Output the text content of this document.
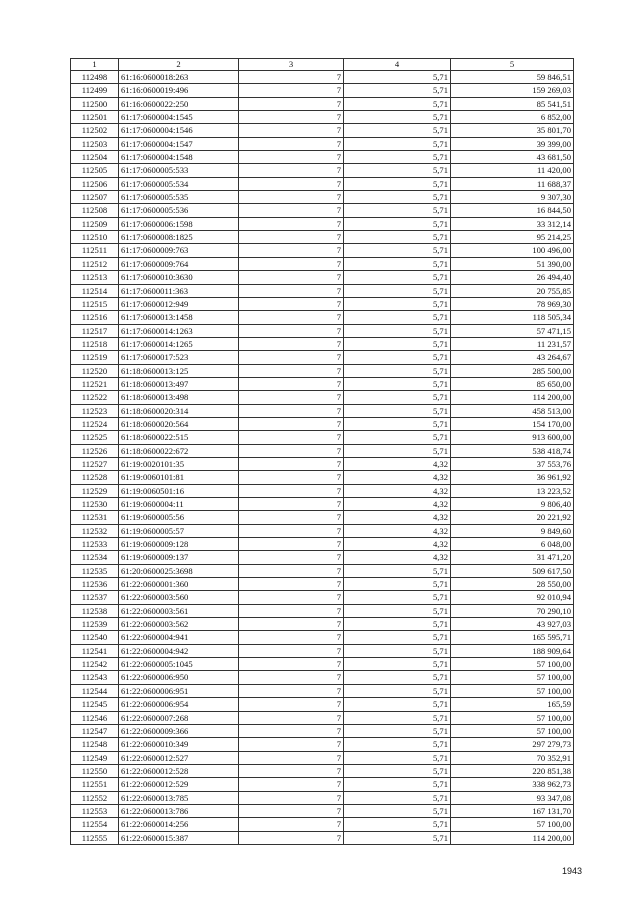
1	2	3	4	5
112498	61:16:0600018:263	7	5,71	59 846,51
112499	61:16:0600019:496	7	5,71	159 269,03
112500	61:16:0600022:250	7	5,71	85 541,51
112501	61:17:0600004:1545	7	5,71	6 852,00
112502	61:17:0600004:1546	7	5,71	35 801,70
112503	61:17:0600004:1547	7	5,71	39 399,00
112504	61:17:0600004:1548	7	5,71	43 681,50
112505	61:17:0600005:533	7	5,71	11 420,00
112506	61:17:0600005:534	7	5,71	11 688,37
112507	61:17:0600005:535	7	5,71	9 307,30
112508	61:17:0600005:536	7	5,71	16 844,50
112509	61:17:0600006:1598	7	5,71	33 312,14
112510	61:17:0600008:1825	7	5,71	95 214,25
112511	61:17:0600009:763	7	5,71	100 496,00
112512	61:17:0600009:764	7	5,71	51 390,00
112513	61:17:0600010:3630	7	5,71	26 494,40
112514	61:17:0600011:363	7	5,71	20 755,85
112515	61:17:0600012:949	7	5,71	78 969,30
112516	61:17:0600013:1458	7	5,71	118 505,34
112517	61:17:0600014:1263	7	5,71	57 471,15
112518	61:17:0600014:1265	7	5,71	11 231,57
112519	61:17:0600017:523	7	5,71	43 264,67
112520	61:18:0600013:125	7	5,71	285 500,00
112521	61:18:0600013:497	7	5,71	85 650,00
112522	61:18:0600013:498	7	5,71	114 200,00
112523	61:18:0600020:314	7	5,71	458 513,00
112524	61:18:0600020:564	7	5,71	154 170,00
112525	61:18:0600022:515	7	5,71	913 600,00
112526	61:18:0600022:672	7	5,71	538 418,74
112527	61:19:0020101:35	7	4,32	37 553,76
112528	61:19:0060101:81	7	4,32	36 961,92
112529	61:19:0060501:16	7	4,32	13 223,52
112530	61:19:0600004:11	7	4,32	9 806,40
112531	61:19:0600005:56	7	4,32	20 221,92
112532	61:19:0600005:57	7	4,32	9 849,60
112533	61:19:0600009:128	7	4,32	6 048,00
112534	61:19:0600009:137	7	4,32	31 471,20
112535	61:20:0600025:3698	7	5,71	509 617,50
112536	61:22:0600001:360	7	5,71	28 550,00
112537	61:22:0600003:560	7	5,71	92 010,94
112538	61:22:0600003:561	7	5,71	70 290,10
112539	61:22:0600003:562	7	5,71	43 927,03
112540	61:22:0600004:941	7	5,71	165 595,71
112541	61:22:0600004:942	7	5,71	188 909,64
112542	61:22:0600005:1045	7	5,71	57 100,00
112543	61:22:0600006:950	7	5,71	57 100,00
112544	61:22:0600006:951	7	5,71	57 100,00
112545	61:22:0600006:954	7	5,71	165,59
112546	61:22:0600007:268	7	5,71	57 100,00
112547	61:22:0600009:366	7	5,71	57 100,00
112548	61:22:0600010:349	7	5,71	297 279,73
112549	61:22:0600012:527	7	5,71	70 352,91
112550	61:22:0600012:528	7	5,71	220 851,38
112551	61:22:0600012:529	7	5,71	338 962,73
112552	61:22:0600013:785	7	5,71	93 347,08
112553	61:22:0600013:786	7	5,71	167 131,70
112554	61:22:0600014:256	7	5,71	57 100,00
112555	61:22:0600015:387	7	5,71	114 200,00
1943
